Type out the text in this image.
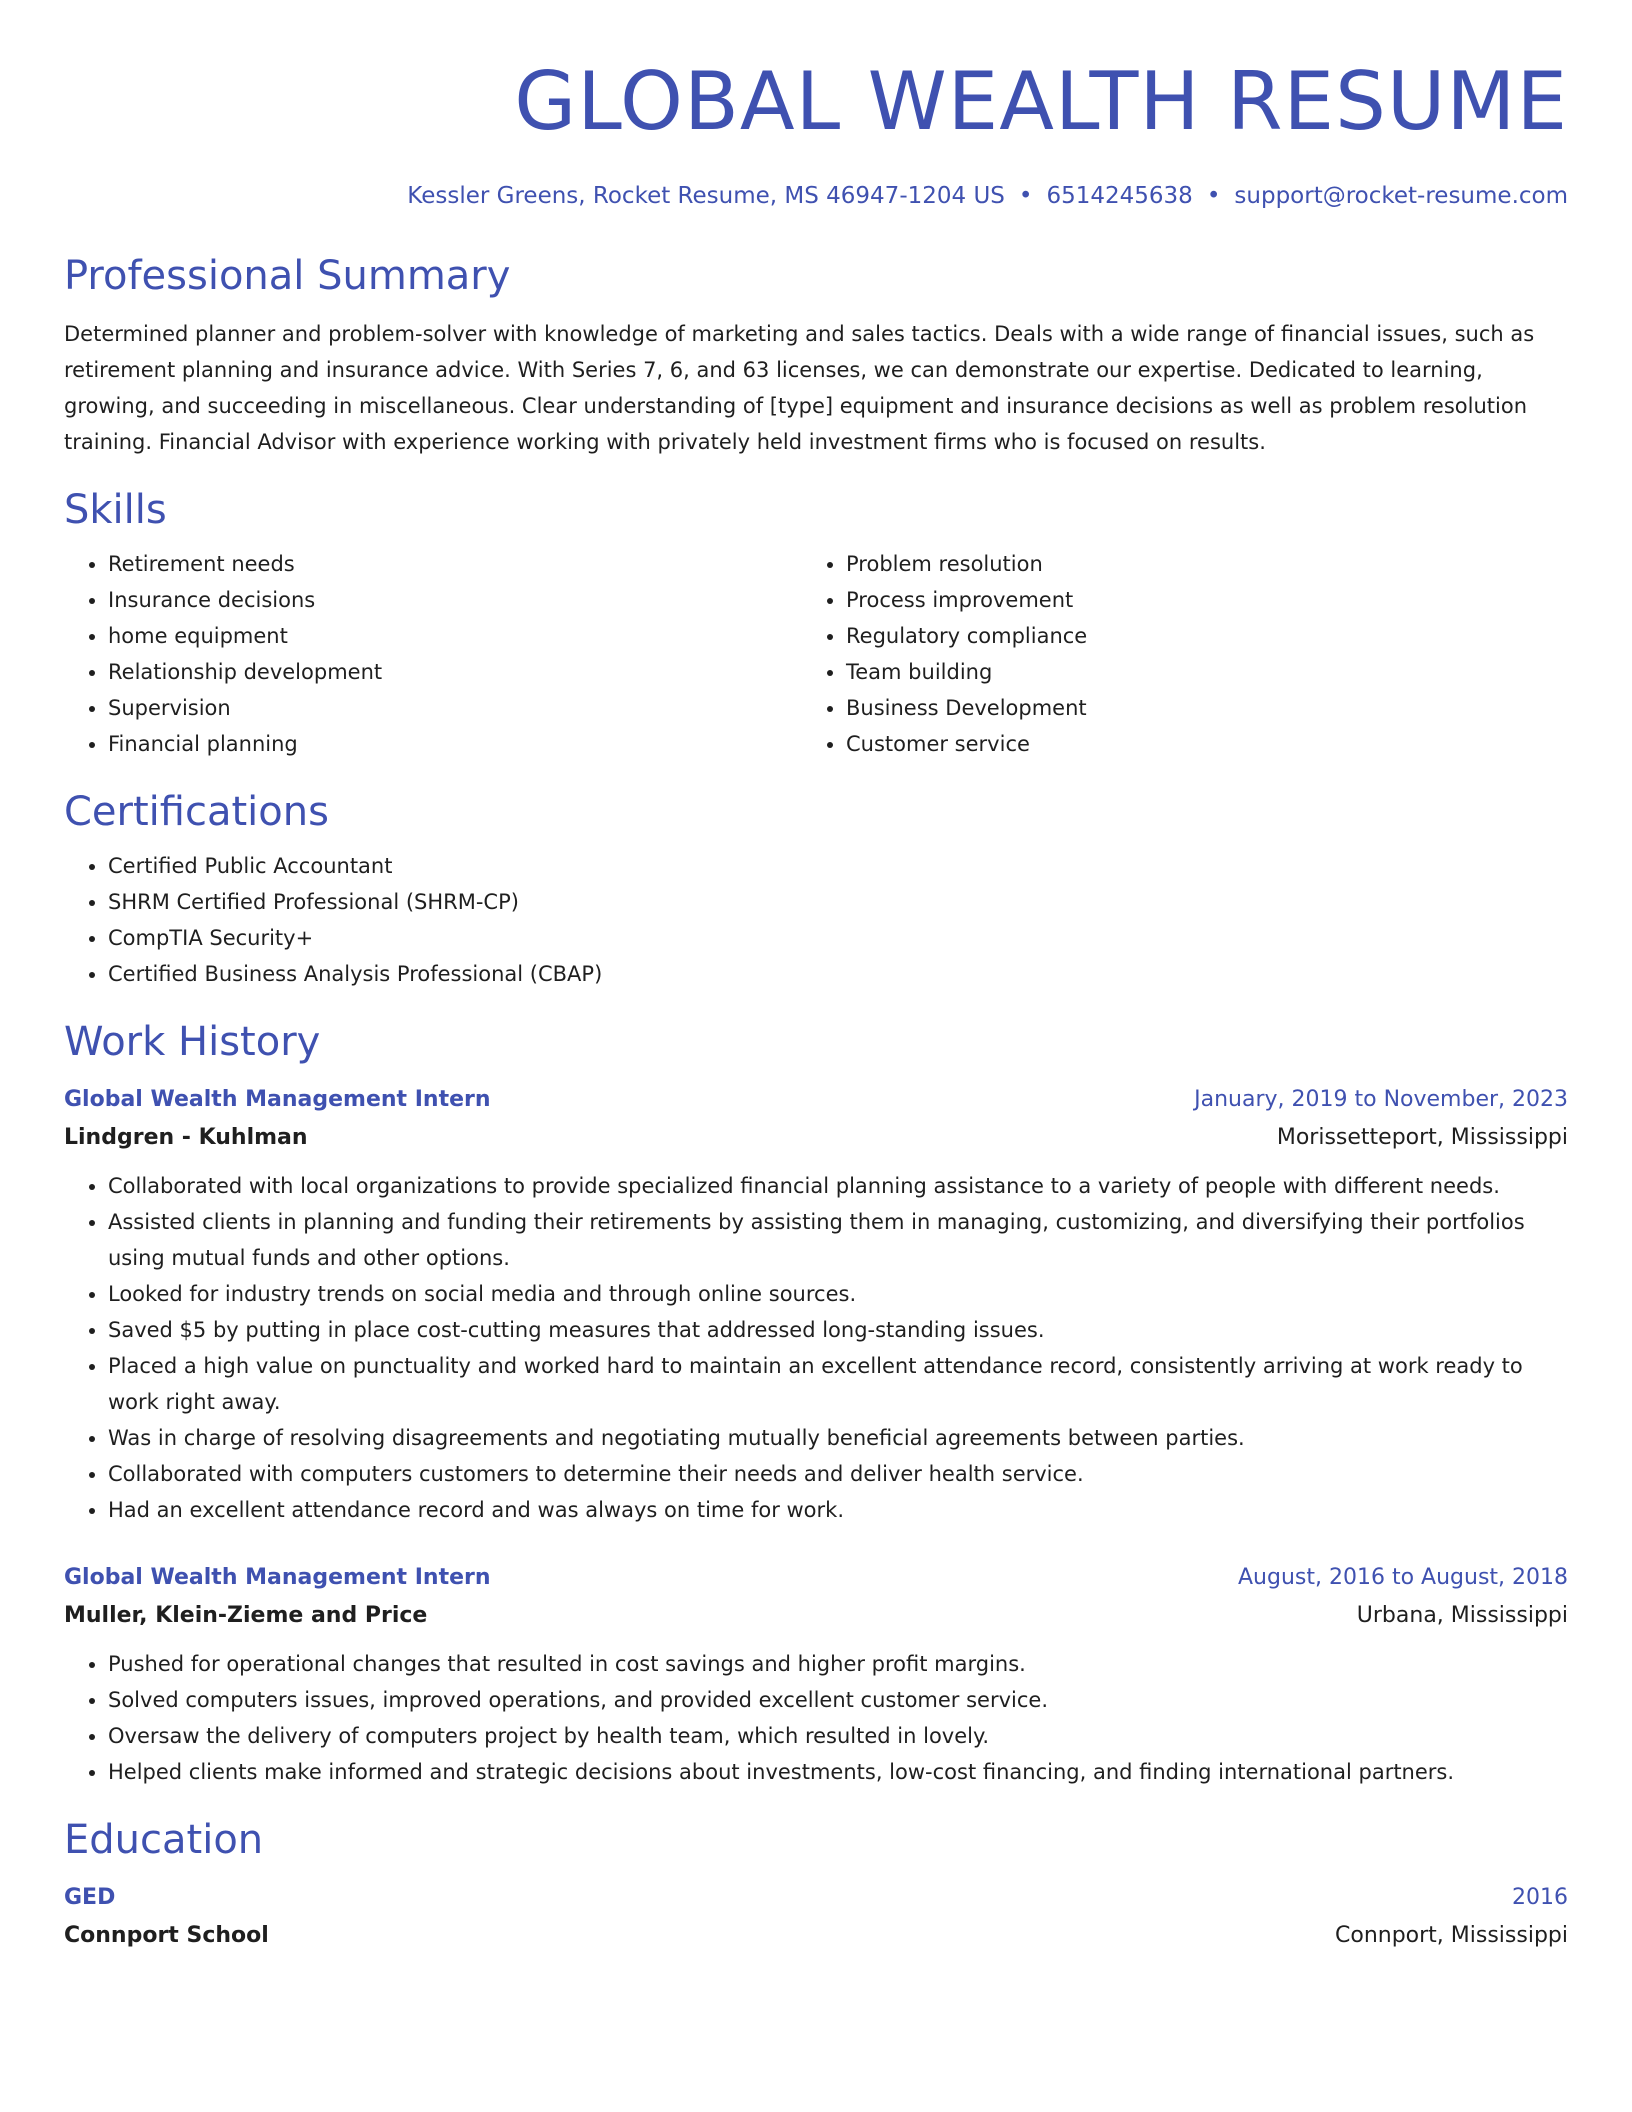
GLOBAL WEALTH RESUME
Kessler Greens, Rocket Resume, MS 46947-1204 US • 6514245638 • support@rocket-resume.com
Professional Summary
Determined planner and problem-solver with knowledge of marketing and sales tactics. Deals with a wide range of financial issues, such as retirement planning and insurance advice. With Series 7, 6, and 63 licenses, we can demonstrate our expertise. Dedicated to learning, growing, and succeeding in miscellaneous. Clear understanding of [type] equipment and insurance decisions as well as problem resolution training. Financial Advisor with experience working with privately held investment firms who is focused on results.
Skills
• Retirement needs
• Insurance decisions
• home equipment
• Relationship development
• Supervision
• Financial planning
• Problem resolution
• Process improvement
• Regulatory compliance
• Team building
• Business Development
• Customer service
Certifications
• Certified Public Accountant
• SHRM Certified Professional (SHRM-CP)
• CompTIA Security+
• Certified Business Analysis Professional (CBAP)
Work History
Global Wealth Management Intern	January, 2019 to November, 2023
Lindgren - Kuhlman	Morissetteport, Mississippi
• Collaborated with local organizations to provide specialized financial planning assistance to a variety of people with different needs.
• Assisted clients in planning and funding their retirements by assisting them in managing, customizing, and diversifying their portfolios using mutual funds and other options.
• Looked for industry trends on social media and through online sources.
• Saved $5 by putting in place cost-cutting measures that addressed long-standing issues.
• Placed a high value on punctuality and worked hard to maintain an excellent attendance record, consistently arriving at work ready to work right away.
• Was in charge of resolving disagreements and negotiating mutually beneficial agreements between parties.
• Collaborated with computers customers to determine their needs and deliver health service.
• Had an excellent attendance record and was always on time for work.
Global Wealth Management Intern	August, 2016 to August, 2018
Muller, Klein-Zieme and Price	Urbana, Mississippi
• Pushed for operational changes that resulted in cost savings and higher profit margins.
• Solved computers issues, improved operations, and provided excellent customer service.
• Oversaw the delivery of computers project by health team, which resulted in lovely.
• Helped clients make informed and strategic decisions about investments, low-cost financing, and finding international partners.
Education
GED	2016
Connport School	Connport, Mississippi
